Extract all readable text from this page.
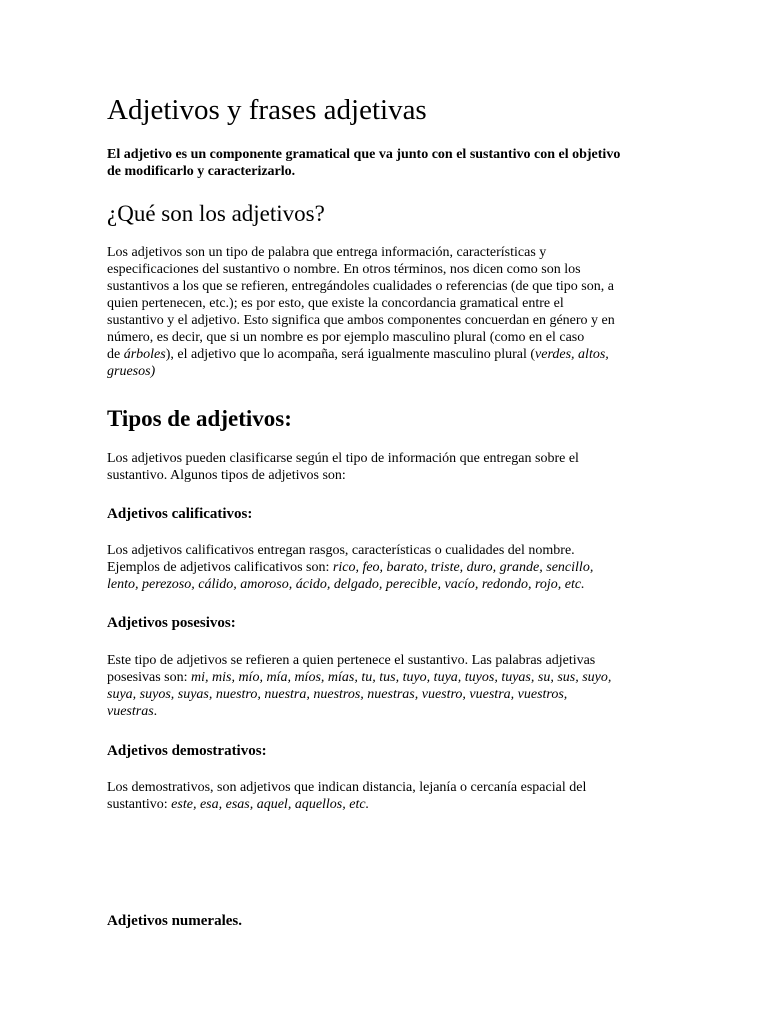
Adjetivos y frases adjetivas

El adjetivo es un componente gramatical que va junto con el sustantivo con el objetivo
de modificarlo y caracterizarlo.

¿Qué son los adjetivos?

Los adjetivos son un tipo de palabra que entrega información, características y
especificaciones del sustantivo o nombre. En otros términos, nos dicen como son los
sustantivos a los que se refieren, entregándoles cualidades o referencias (de que tipo son, a
quien pertenecen, etc.); es por esto, que existe la concordancia gramatical entre el
sustantivo y el adjetivo. Esto significa que ambos componentes concuerdan en género y en
número, es decir, que si un nombre es por ejemplo masculino plural (como en el caso
de árboles), el adjetivo que lo acompaña, será igualmente masculino plural (verdes, altos,
gruesos)

Tipos de adjetivos:

Los adjetivos pueden clasificarse según el tipo de información que entregan sobre el
sustantivo. Algunos tipos de adjetivos son:

Adjetivos calificativos:

Los adjetivos calificativos entregan rasgos, características o cualidades del nombre.
Ejemplos de adjetivos calificativos son: rico, feo, barato, triste, duro, grande, sencillo,
lento, perezoso, cálido, amoroso, ácido, delgado, perecible, vacío, redondo, rojo, etc.

Adjetivos posesivos:

Este tipo de adjetivos se refieren a quien pertenece el sustantivo. Las palabras adjetivas
posesivas son: mi, mis, mío, mía, míos, mías, tu, tus, tuyo, tuya, tuyos, tuyas, su, sus, suyo,
suya, suyos, suyas, nuestro, nuestra, nuestros, nuestras, vuestro, vuestra, vuestros,
vuestras.

Adjetivos demostrativos:

Los demostrativos, son adjetivos que indican distancia, lejanía o cercanía espacial del
sustantivo: este, esa, esas, aquel, aquellos, etc.

Adjetivos numerales.
